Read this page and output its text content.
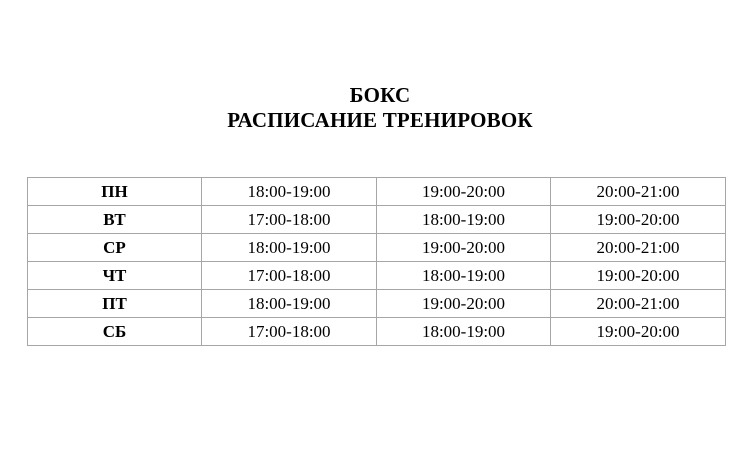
БОКС
РАСПИСАНИЕ ТРЕНИРОВОК
ПН	18:00-19:00	19:00-20:00	20:00-21:00
ВТ	17:00-18:00	18:00-19:00	19:00-20:00
СР	18:00-19:00	19:00-20:00	20:00-21:00
ЧТ	17:00-18:00	18:00-19:00	19:00-20:00
ПТ	18:00-19:00	19:00-20:00	20:00-21:00
СБ	17:00-18:00	18:00-19:00	19:00-20:00
